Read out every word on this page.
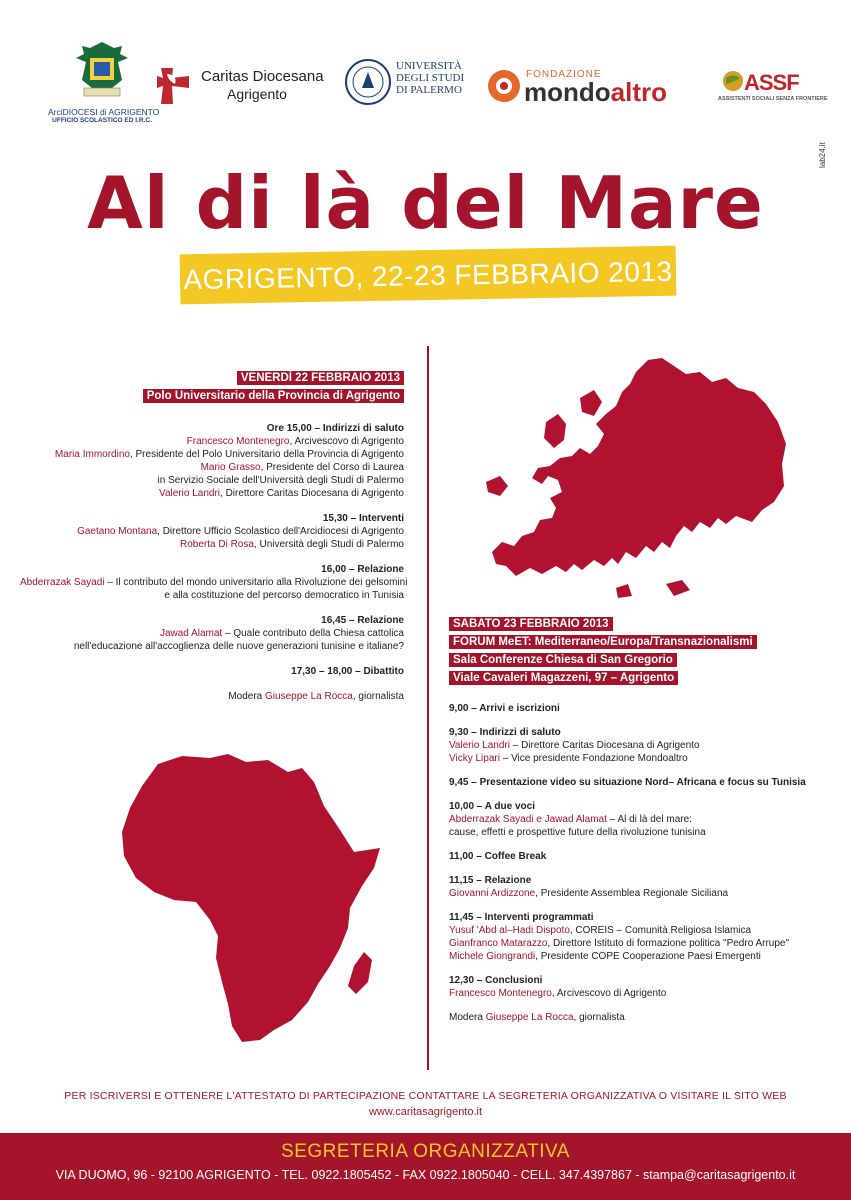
ArciDIOCESI di AGRIGENTO
UFFICIO SCOLASTICO ED I.R.C.
Caritas Diocesana
Agrigento
UNIVERSITÀ
DEGLI STUDI
DI PALERMO
FONDAZIONE
mondoaltro	ASSF
ASSISTENTI SOCIALI SENZA FRONTIERE
lab24.it
Al di là del Mare
AGRIGENTO, 22-23 FEBBRAIO 2013
VENERDÌ 22 FEBBRAIO 2013
Polo Universitario della Provincia di Agrigento
Ore 15,00 – Indirizzi di saluto
Francesco Montenegro, Arcivescovo di Agrigento
Maria Immordino, Presidente del Polo Universitario della Provincia di Agrigento
Mario Grasso, Presidente del Corso di Laurea
in Servizio Sociale dell'Università degli Studi di Palermo
Valerio Landri, Direttore Caritas Diocesana di Agrigento
15,30 – Interventi
Gaetano Montana, Direttore Ufficio Scolastico dell'Arcidiocesi di Agrigento
Roberta Di Rosa, Università degli Studi di Palermo
16,00 – Relazione
Abderrazak Sayadi – Il contributo del mondo universitario alla Rivoluzione dei gelsomini
e alla costituzione del percorso democratico in Tunisia
16,45 – Relazione
Jawad Alamat – Quale contributo della Chiesa cattolica
nell'educazione all'accoglienza delle nuove generazioni tunisine e italiane?
17,30 – 18,00 – Dibattito
Modera Giuseppe La Rocca, giornalista
SABATO 23 FEBBRAIO 2013
FORUM MeET: Mediterraneo/Europa/Transnazionalismi
Sala Conferenze Chiesa di San Gregorio
Viale Cavaleri Magazzeni, 97 – Agrigento
9,00 – Arrivi e iscrizioni
9,30 – Indirizzi di saluto
Valerio Landri – Direttore Caritas Diocesana di Agrigento
Vicky Lipari – Vice presidente Fondazione Mondoaltro
9,45 – Presentazione video su situazione Nord– Africana e focus su Tunisia
10,00 – A due voci
Abderrazak Sayadi e Jawad Alamat – Al di là del mare:
cause, effetti e prospettive future della rivoluzione tunisina
11,00 – Coffee Break
11,15 – Relazione
Giovanni Ardizzone, Presidente Assemblea Regionale Siciliana
11,45 – Interventi programmati
Yusuf 'Abd al–Hadi Dispoto, COREIS – Comunità Religiosa Islamica
Gianfranco Matarazzo, Direttore Istituto di formazione politica "Pedro Arrupe"
Michele Giongrandi, Presidente COPE Cooperazione Paesi Emergenti
12,30 – Conclusioni
Francesco Montenegro, Arcivescovo di Agrigento
Modera Giuseppe La Rocca, giornalista
PER ISCRIVERSI E OTTENERE L'ATTESTATO DI PARTECIPAZIONE CONTATTARE LA SEGRETERIA ORGANIZZATIVA O VISITARE IL SITO WEB
www.caritasagrigento.it
SEGRETERIA ORGANIZZATIVA
VIA DUOMO, 96 - 92100 AGRIGENTO - TEL. 0922.1805452 - FAX 0922.1805040 - CELL. 347.4397867 - stampa@caritasagrigento.it
